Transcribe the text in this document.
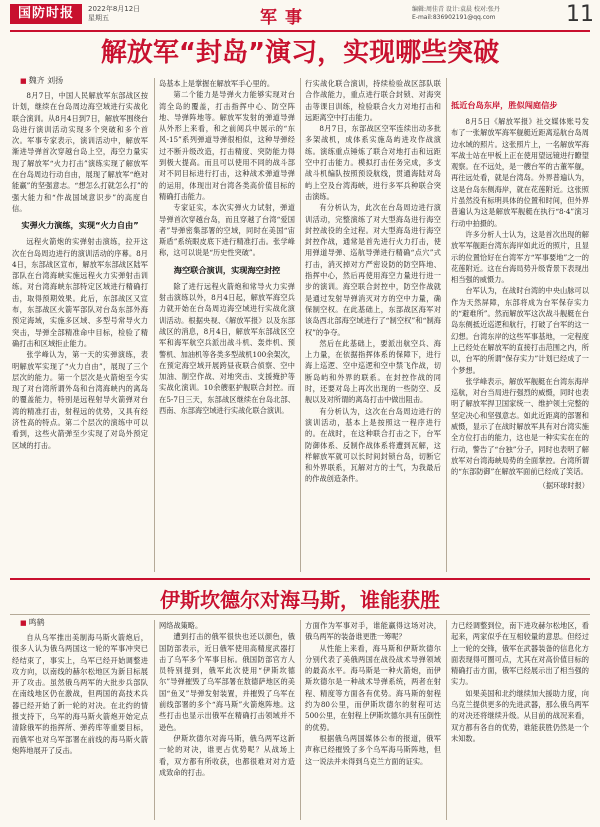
国防时报	2022年8月12日
星期五	军事	编辑:周佳青 设计:袁晨 校对:张丹
E-mail:836902191@qq.com	11
解放军“封岛”演习，实现哪些突破
■ 魏齐 刘扬

8月7日，中国人民解放军东部战区按计划，继续在台岛周边海空域进行实战化联合演训。从8月4日到7日，解放军围绕台岛进行演训活动实现多个突破和多个首次。军事专家表示，演训活动中，解放军渐进导弹首次穿越台岛上空，海空力量实现了解放军“火力打击”演练实现了解放军在台岛周边行动自由，展现了解放军“绝对能赢”的坚强意志。“想怎么打就怎么打”的强大能力和“作战国域意识步”的高度自信。

实弹火力演练，实现“火力自由”

远程火箭炮的实弹射击演练，拉开这次在台岛周边进行的演训活动的序幕。8月4日，东部战区宣布，解放军东部战区陆军部队在台湾海峡实施远程火力实弹射击训练。对台湾海峡东部特定区域进行精确打击，取得预期效果。此后，东部战区又宣布，东部战区火箭军部队对台岛东部外海预定海域，实施多区域、多型号常导火力突击，导弹全部精准命中目标，检验了精确打击和区域拒止能力。

张学峰认为，第一天的实弹演练，表明解放军实现了“火力自由”，展现了三个层次的能力。第一个层次是火箭炮至今实现了对台湾所谓外岛和台湾海峡内的离岛的覆盖能力，特别是远程射导火箭弹对台湾的精准打击，射程远的优势，又具有经济性高的特点。第二个层次的演练中可以看到，这些火箭弹至少实现了对岛外预定区域的打击。

岛基本上是掌握在解放军手心里的。

第二个能力是导弹火力能够实现对台湾全岛的覆盖，打击指挥中心、防空阵地、导弹阵地等。解放军发射的弹道导弹从外形上来看，和之前阅兵中展示的“东风-15”系列弹道导弹很相似，这种导弹经过不断升级改造，打击精度、突防能力得到极大提高。而且可以使用不同的战斗部对不同目标进行打击，这种战术弹道导弹的运用，体现出对台湾各类高价值目标的精确打击能力。

专家证实，本次实弹火力试射，弹道导弹首次穿越台岛，而且穿越了台湾“爱国者”导弹密集部署的空域，同时在美国“宙斯盾”系统眼皮底下进行精准打击。张学峰称，这可以说是“历史性突破”。

海空联合演训，实现海空封控

除了进行远程火箭炮和常导火力实弹射击演练以外，8月4日起，解放军海空兵力就开始在台岛周边海空域进行实战化演训活动。根据央视、《解放军报》以及东部战区的消息，8月4日，解放军东部战区空军和海军航空兵派出战斗机、轰炸机、预警机、加油机等各类多型战机100余架次，在预定海空域开展跨昼夜联合侦察、空中加油、制空作战、对地突击、支援掩护等实战化演训。10余艘驱护舰联合封控。而在5-7日三天，东部战区继续在台岛北部、西南、东部海空域进行实战化联合演训。

行实战化联合演训，持续检验战区部队联合作战能力，重点进行联合封锁、对海突击等课目训练，检验联合火力对地打击和远距离空中打击能力。

8月7日，东部战区空军连续出动多批多架战机，成体系实施岛屿进攻作战演练。演练重点锤炼了联合对地打击和远距空中打击能力。模拟打击任务完成，多支战斗机编队按照预设航线，贯通海陆对岛屿上空及台湾海峡，进行多军兵种联合突击演练。

有分析认为，此次在台岛周边进行演训活动，完整演练了对大型海岛进行海空封控战役的全过程。对大型海岛进行海空封控作战，通常是首先进行火力打击，使用弹道导弹、巡航导弹进行精确“点穴”式打击，消灭掉对方严密设防的防空阵地、指挥中心，然后再使用海空力量进行进一步的演训。海空联合封控中，防空作战就是通过发射导弹消灭对方的空中力量，确保制空权。在此基础上，东部战区海军对该岛西北部海空域进行了“制空权”和“制海权”的争夺。

然后在此基础上，要派出航空兵、海上力量，在依据指挥体系的保障下，进行海上巡逻、空中巡逻和空中禁飞作战，切断岛屿和外界的联系。在封控作战的同时，还要对岛上再次出现的一些防空、反舰以及对所谓的离岛打击中做出阻击。

有分析认为，这次在台岛周边进行的演训活动，基本上是按照这一程序进行的。在战时，在这种联合打击之下，台军防御体系、反制作战体系将遭到瓦解，这样解放军就可以长时间封锁台岛，切断它和外界联系，瓦解对方的士气，为我最后的作战创造条件。

抵近台岛东岸，胜似闯庭信步

8月5日《解放军报》社交媒体账号发布了一张解放军海军舰艇近距离巡航台岛周边水域的照片。这张照片上，一名解放军海军战士站在甲板上正在使用望远镜进行瞭望观察。在不远处，是一艘台军的古董军舰，再往远处看，就是台湾岛。外界普遍认为，这是台岛东侧海岸，就在花莲附近。这张照片虽然没有标明具体的位置和时间，但外界普遍认为这是解放军舰艇在执行“8·4”演习行动中拍摄的。

许多分析人士认为，这是首次出现的解放军军舰距台湾东海岸如此近的照片，且显示的位置恰好在台湾军方“军事要地”之一的花莲附近。这在台海局势升级背景下表现出相当强的威慑力。

台军认为，在战时台湾的中央山脉可以作为天然屏障，东部将成为台军保存实力的“避难所”。然而解放军这次战斗舰艇在台岛东侧抵近巡逻和航行，打破了台军的这一幻想。台湾东岸的这些军事基地，一定程度上已经处在解放军的直接打击范围之内，所以，台军的所谓“保存实力”计划已经成了一个梦想。

张学峰表示，解放军舰艇在台湾东海岸巡航，对台当局进行强烈的威慑，同时也表明了解放军捍卫国家统一、维护领土完整的坚定决心和坚强意志。如此近距离的部署和威慑，显示了在战时解放军具有对台湾实施全方位打击的能力，这也是一种实实在在的行动，警告了“台独”分子，同时也表明了解放军对台湾海峡局势的全面掌控。台湾所谓的“东部防御”在解放军面前已经成了笑话。

（据环球时报）
伊斯坎德尔对海马斯，谁能获胜
■ 鸣鹤

自从乌军推出美制海马斯火箭炮后，很多人认为俄乌两国这一轮的军事冲突已经结束了，事实上，乌军已经开始调整进攻方向，以南线的赫尔松地区为新目标展开了攻击。虽然俄乌两军的大批步兵部队在南线地区仍在激战，但两国的高技术兵器已经开始了新一轮的对决。在北约的情报支持下，乌军的海马斯火箭炮开始定点清除俄军的指挥所、弹药库等重要目标，而俄军也对乌军部署在前线的海马斯火箭炮阵地展开了反击。

网络战策略。

遭到打击的俄军很快也还以颜色，俄国防部表示，近日俄军使用高精度武器打击了乌军多个军事目标。俄国防部官方人员特别提到，俄军此次使用“伊斯坎德尔”导弹摧毁了乌军部署在敖德萨地区的美国“鱼叉”导弹发射装置，并摧毁了乌军在前线部署的多个“海马斯”火箭炮阵地。这些打击也显示出俄军在精确打击领域并不逊色。

伊斯坎德尔对海马斯，俄乌两军这新一轮的对决，谁更占优势呢？从战场上看，双方都有所收获，也都很难对对方造成致命的打击。

方面作为军事对手，谁能赢得这场对决，俄乌两军的装备谁更胜一筹呢？

从性能上来看，海马斯和伊斯坎德尔分别代表了美俄两国在战役战术导弹领域的最高水平。海马斯是一种火箭炮，而伊斯坎德尔是一种战术导弹系统，两者在射程、精度等方面各有优势。海马斯的射程约为80公里，而伊斯坎德尔的射程可达500公里，在射程上伊斯坎德尔具有压倒性的优势。

根据俄乌两国媒体公布的报道，俄军声称已经摧毁了多个乌军海马斯阵地，但这一说法并未得到乌克兰方面的证实。

力已经调整到位，南下进攻赫尔松地区，看起来，两家似乎在互相较量的意思。但经过上一轮的交锋，俄军在武器装备的信息化方面表现得可圈可点，尤其在对高价值目标的精确打击方面，俄军已经展示出了相当强的实力。

如果美国和北约继续加大援助力度，向乌克兰提供更多的先进武器，那么俄乌两军的对决还将继续升级。从目前的战况来看，双方都有各自的优势，谁能获胜仍然是一个未知数。
